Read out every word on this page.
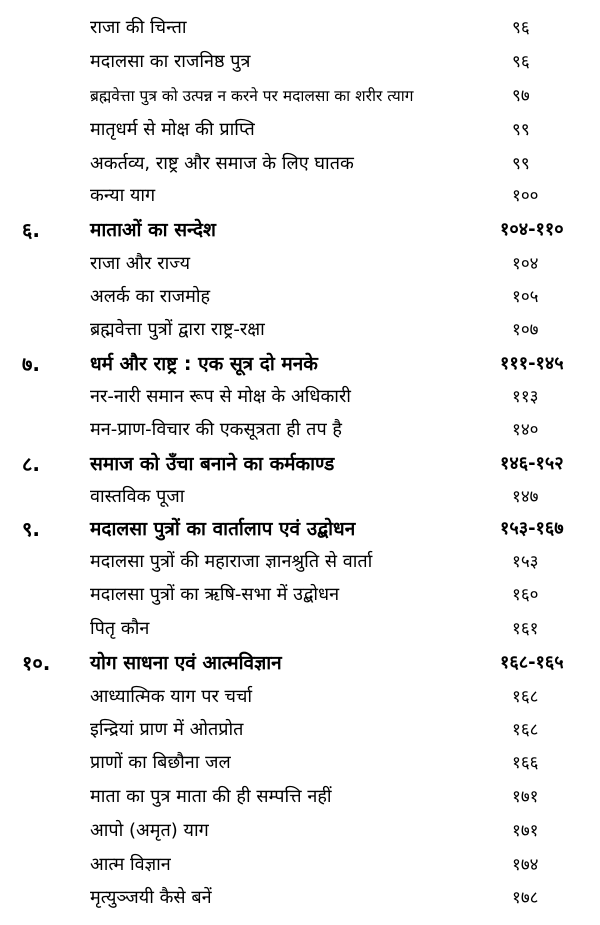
राजा की चिन्ता	९६
मदालसा का राजनिष्ठ पुत्र	९६
ब्रह्मवेत्ता पुत्र को उत्पन्न न करने पर मदालसा का शरीर त्याग	९७
मातृधर्म से मोक्ष की प्राप्ति	९९
अकर्तव्य, राष्ट्र और समाज के लिए घातक	९९
कन्या याग	१००
६.	माताओं का सन्देश	१०४-११०
राजा और राज्य	१०४
अलर्क का राजमोह	१०५
ब्रह्मवेत्ता पुत्रों द्वारा राष्ट्र-रक्षा	१०७
७.	धर्म और राष्ट्र : एक सूत्र दो मनके	१११-१४५
नर-नारी समान रूप से मोक्ष के अधिकारी	११३
मन-प्राण-विचार की एकसूत्रता ही तप है	१४०
८.	समाज को उँचा बनाने का कर्मकाण्ड	१४६-१५२
वास्तविक पूजा	१४७
९.	मदालसा पुत्रों का वार्तालाप एवं उद्बोधन	१५३-१६७
मदालसा पुत्रों की महाराजा ज्ञानश्रुति से वार्ता	१५३
मदालसा पुत्रों का ऋषि-सभा में उद्बोधन	१६०
पितृ कौन	१६१
१०. योग साधना एवं आत्मविज्ञान	१६८-१६५
आध्यात्मिक याग पर चर्चा	१६८
इन्द्रियां प्राण में ओतप्रोत	१६८
प्राणों का बिछौना जल	१६६
माता का पुत्र माता की ही सम्पत्ति नहीं	१७१
आपो (अमृत) याग	१७१
आत्म विज्ञान	१७४
मृत्युञ्जयी कैसे बनें	१७८
